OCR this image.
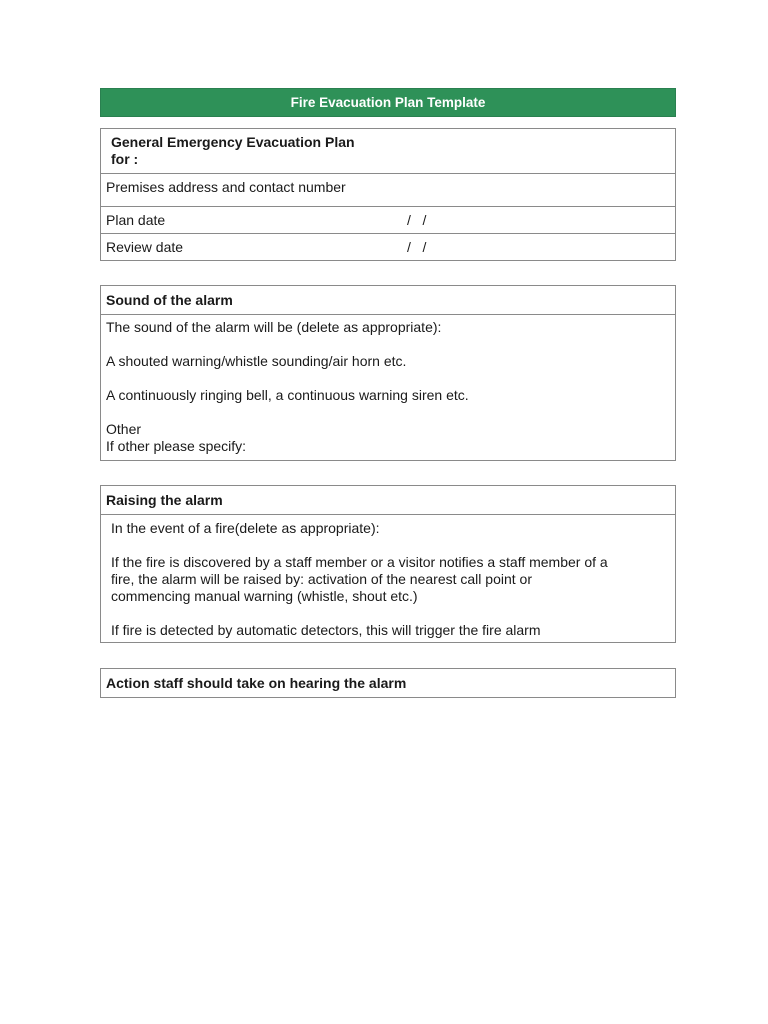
Fire Evacuation Plan Template
General Emergency Evacuation Plan
for :
Premises address and contact number
Plan date	/   /
Review date	/   /
Sound of the alarm

The sound of the alarm will be (delete as appropriate):

A shouted warning/whistle sounding/air horn etc.

A continuously ringing bell, a continuous warning siren etc.

Other

If other please specify:

Raising the alarm

In the event of a fire(delete as appropriate):

If the fire is discovered by a staff member or a visitor notifies a staff member of a
fire, the alarm will be raised by: activation of the nearest call point or
commencing manual warning (whistle, shout etc.)

If fire is detected by automatic detectors, this will trigger the fire alarm

Action staff should take on hearing the alarm
